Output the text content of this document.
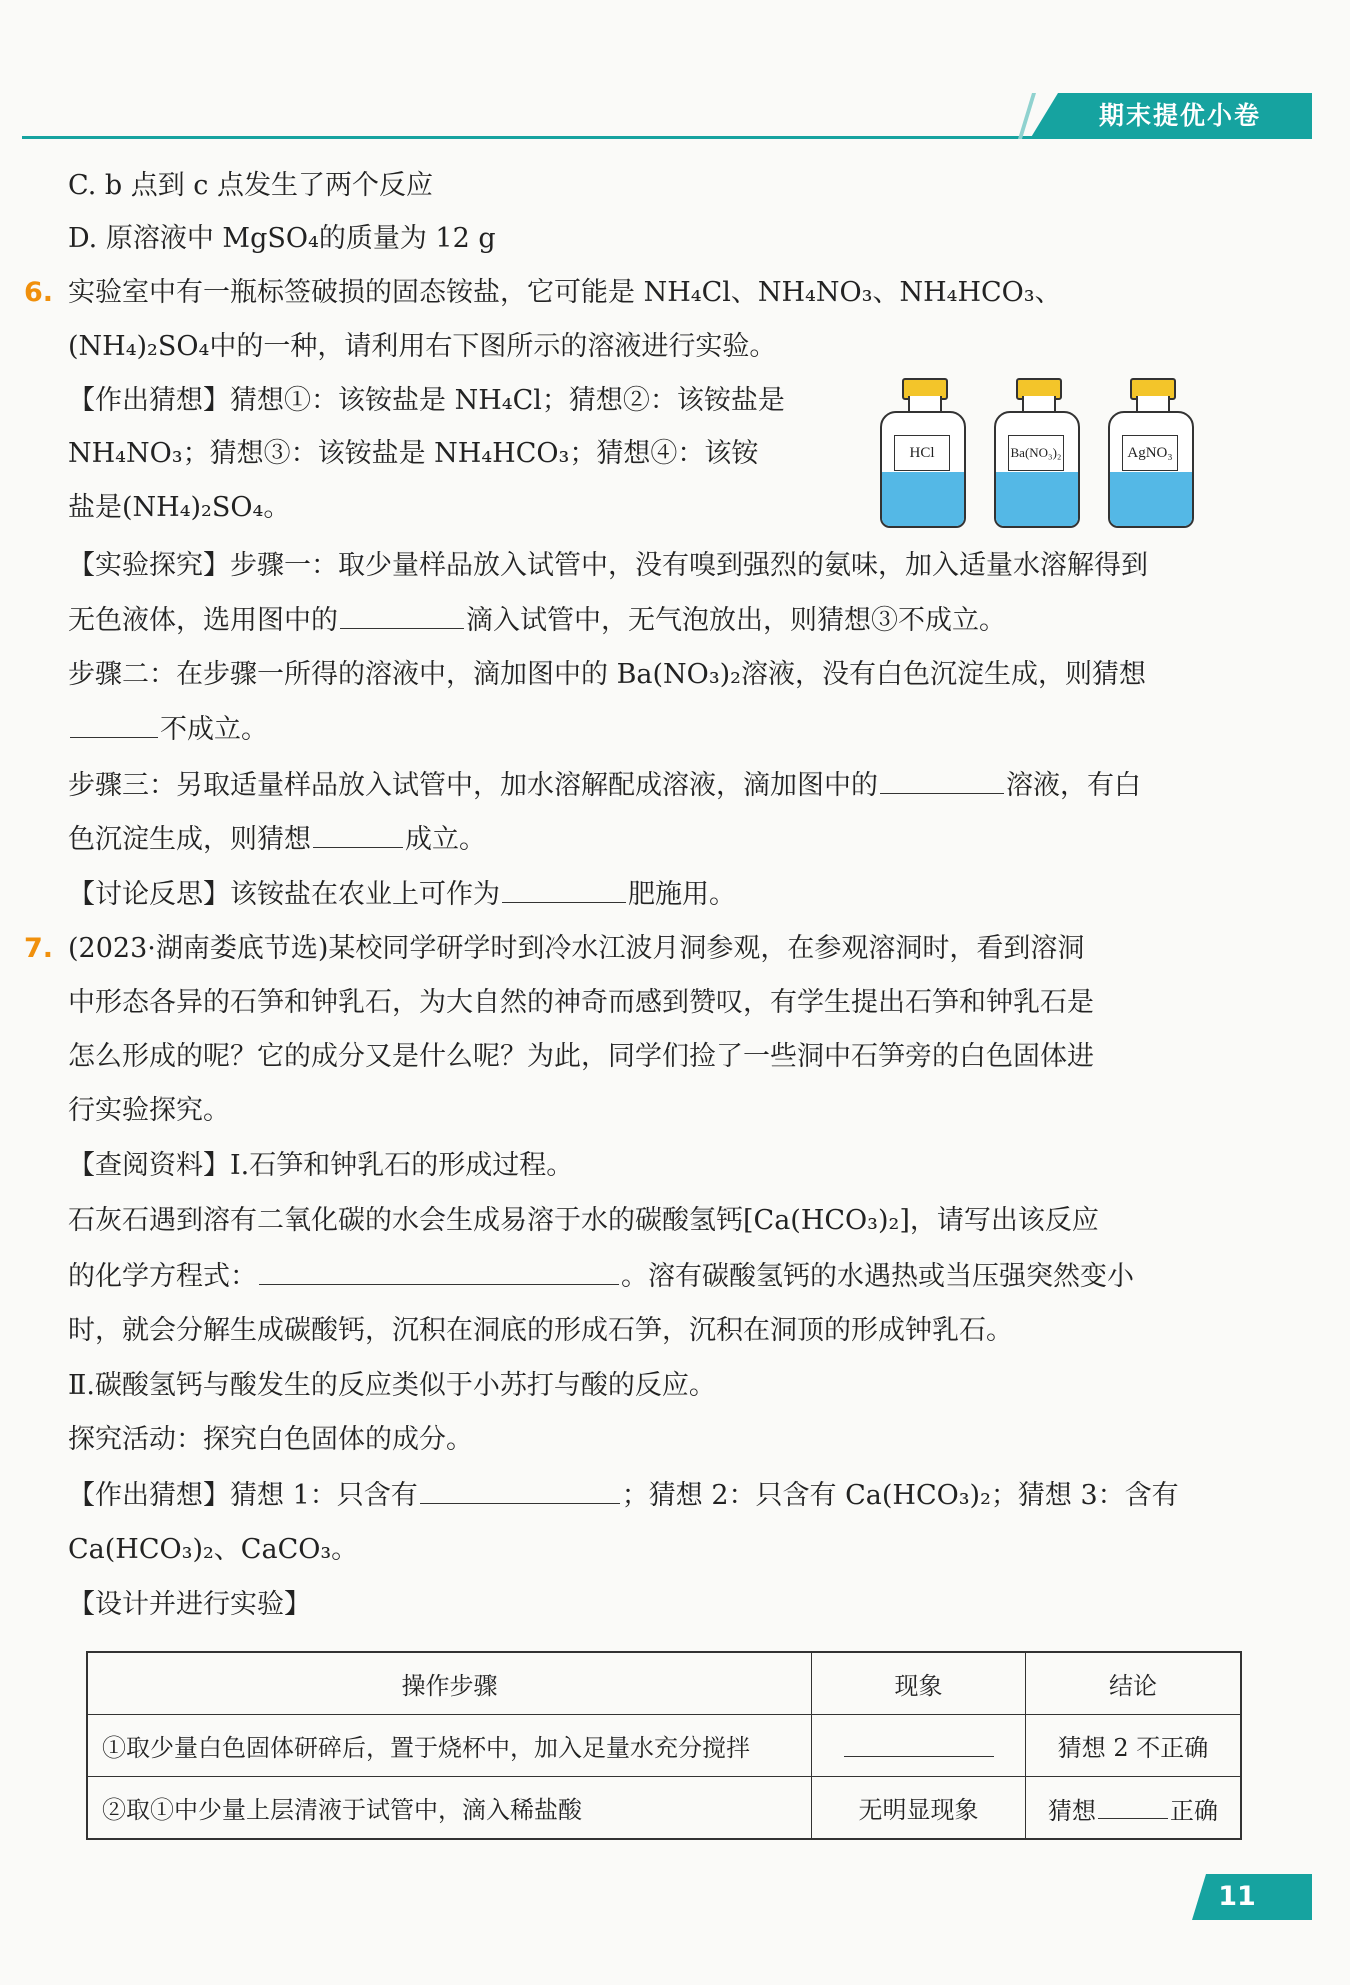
期末提优小卷
C. b 点到 c 点发生了两个反应
D. 原溶液中 MgSO₄的质量为 12 g
6. 实验室中有一瓶标签破损的固态铵盐，它可能是 NH₄Cl、NH₄NO₃、NH₄HCO₃、
(NH₄)₂SO₄中的一种，请利用右下图所示的溶液进行实验。
【作出猜想】猜想①：该铵盐是 NH₄Cl；猜想②：该铵盐是
NH₄NO₃；猜想③：该铵盐是 NH₄HCO₃；猜想④：该铵
盐是(NH₄)₂SO₄。
HCl	Ba(NO₃)₂	AgNO₃
【实验探究】步骤一：取少量样品放入试管中，没有嗅到强烈的氨味，加入适量水溶解得到
无色液体，选用图中的	滴入试管中，无气泡放出，则猜想③不成立。
步骤二：在步骤一所得的溶液中，滴加图中的 Ba(NO₃)₂溶液，没有白色沉淀生成，则猜想
不成立。
步骤三：另取适量样品放入试管中，加水溶解配成溶液，滴加图中的	溶液，有白
色沉淀生成，则猜想	成立。
【讨论反思】该铵盐在农业上可作为	肥施用。
7. (2023·湖南娄底节选)某校同学研学时到冷水江波月洞参观，在参观溶洞时，看到溶洞
中形态各异的石笋和钟乳石，为大自然的神奇而感到赞叹，有学生提出石笋和钟乳石是
怎么形成的呢？它的成分又是什么呢？为此，同学们捡了一些洞中石笋旁的白色固体进
行实验探究。
【查阅资料】Ⅰ.石笋和钟乳石的形成过程。
石灰石遇到溶有二氧化碳的水会生成易溶于水的碳酸氢钙[Ca(HCO₃)₂]，请写出该反应
的化学方程式：	。溶有碳酸氢钙的水遇热或当压强突然变小
时，就会分解生成碳酸钙，沉积在洞底的形成石笋，沉积在洞顶的形成钟乳石。
Ⅱ.碳酸氢钙与酸发生的反应类似于小苏打与酸的反应。
探究活动：探究白色固体的成分。
【作出猜想】猜想 1：只含有	；猜想 2：只含有 Ca(HCO₃)₂；猜想 3：含有
Ca(HCO₃)₂、CaCO₃。
【设计并进行实验】
操作步骤	现象	结论
①取少量白色固体研碎后，置于烧杯中，加入足量水充分搅拌		猜想 2 不正确
②取①中少量上层清液于试管中，滴入稀盐酸	无明显现象	猜想 正确
11
